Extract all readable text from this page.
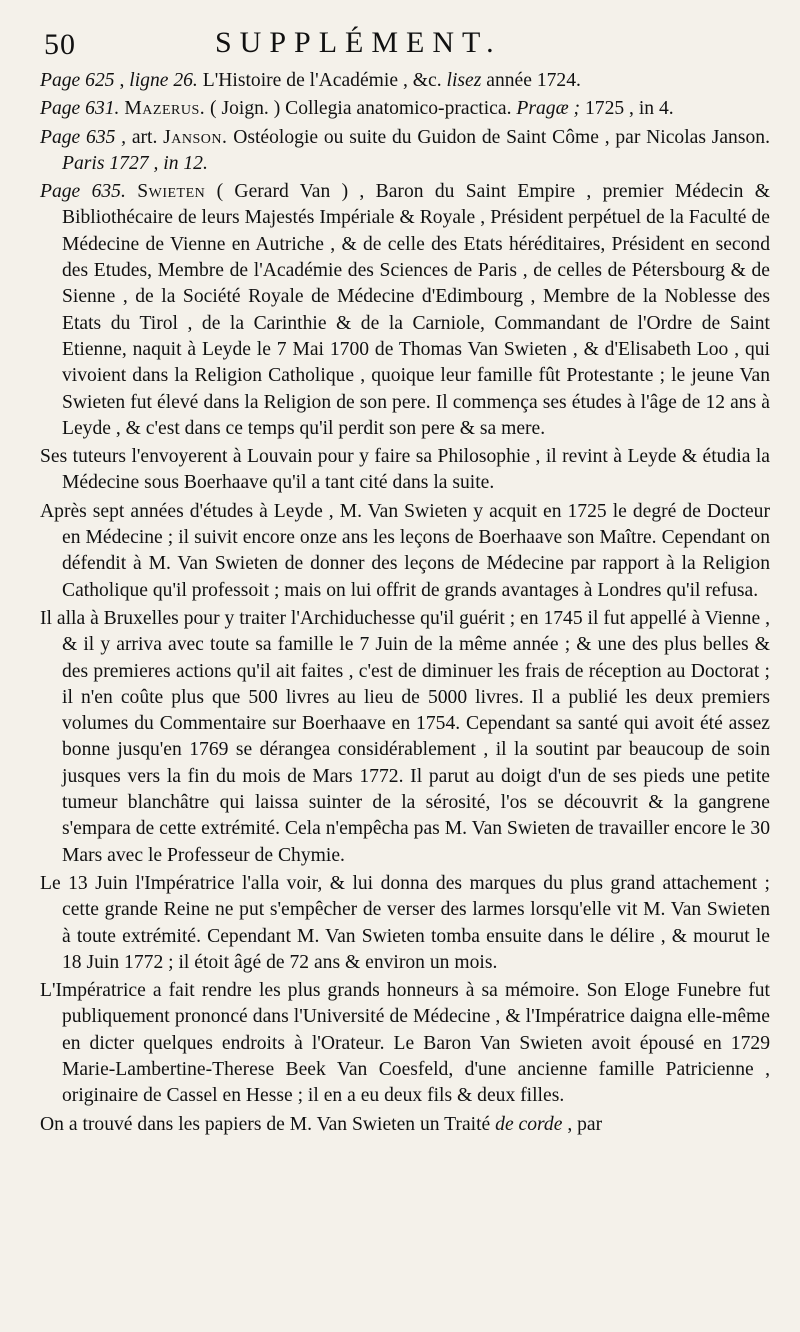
50	SUPPLÉMENT.

Page 625 , ligne 26. L'Histoire de l'Académie , &c. lisez année 1724.

Page 631. Mazerus. ( Joign. ) Collegia anatomico-practica. Pragæ ; 1725 , in 4.

Page 635 , art. Janson. Ostéologie ou suite du Guidon de Saint Côme , par Nicolas Janson. Paris 1727 , in 12.

Page 635. Swieten ( Gerard Van ) , Baron du Saint Empire , premier Médecin & Bibliothécaire de leurs Majestés Impériale & Royale , Président perpétuel de la Faculté de Médecine de Vienne en Autriche , & de celle des Etats héréditaires, Président en second des Etudes, Membre de l'Académie des Sciences de Paris , de celles de Pétersbourg & de Sienne , de la Société Royale de Médecine d'Edimbourg , Membre de la Noblesse des Etats du Tirol , de la Carinthie & de la Carniole, Commandant de l'Ordre de Saint Etienne, naquit à Leyde le 7 Mai 1700 de Thomas Van Swieten , & d'Elisabeth Loo , qui vivoient dans la Religion Catholique , quoique leur famille fût Protestante ; le jeune Van Swieten fut élevé dans la Religion de son pere. Il commença ses études à l'âge de 12 ans à Leyde , & c'est dans ce temps qu'il perdit son pere & sa mere.

Ses tuteurs l'envoyerent à Louvain pour y faire sa Philosophie , il revint à Leyde & étudia la Médecine sous Boerhaave qu'il a tant cité dans la suite.

Après sept années d'études à Leyde , M. Van Swieten y acquit en 1725 le degré de Docteur en Médecine ; il suivit encore onze ans les leçons de Boerhaave son Maître. Cependant on défendit à M. Van Swieten de donner des leçons de Médecine par rapport à la Religion Catholique qu'il professoit ; mais on lui offrit de grands avantages à Londres qu'il refusa.

Il alla à Bruxelles pour y traiter l'Archiduchesse qu'il guérit ; en 1745 il fut appellé à Vienne , & il y arriva avec toute sa famille le 7 Juin de la même année ; & une des plus belles & des premieres actions qu'il ait faites , c'est de diminuer les frais de réception au Doctorat ; il n'en coûte plus que 500 livres au lieu de 5000 livres. Il a publié les deux premiers volumes du Commentaire sur Boerhaave en 1754. Cependant sa santé qui avoit été assez bonne jusqu'en 1769 se dérangea considérablement , il la soutint par beaucoup de soin jusques vers la fin du mois de Mars 1772. Il parut au doigt d'un de ses pieds une petite tumeur blanchâtre qui laissa suinter de la sérosité, l'os se découvrit & la gangrene s'empara de cette extrémité. Cela n'empêcha pas M. Van Swieten de travailler encore le 30 Mars avec le Professeur de Chymie.

Le 13 Juin l'Impératrice l'alla voir, & lui donna des marques du plus grand attachement ; cette grande Reine ne put s'empêcher de verser des larmes lorsqu'elle vit M. Van Swieten à toute extrémité. Cependant M. Van Swieten tomba ensuite dans le délire , & mourut le 18 Juin 1772 ; il étoit âgé de 72 ans & environ un mois.

L'Impératrice a fait rendre les plus grands honneurs à sa mémoire. Son Eloge Funebre fut publiquement prononcé dans l'Université de Médecine , & l'Impératrice daigna elle-même en dicter quelques endroits à l'Orateur. Le Baron Van Swieten avoit épousé en 1729 Marie-Lambertine-Therese Beek Van Coesfeld, d'une ancienne famille Patricienne , originaire de Cassel en Hesse ; il en a eu deux fils & deux filles.

On a trouvé dans les papiers de M. Van Swieten un Traité de corde , par
